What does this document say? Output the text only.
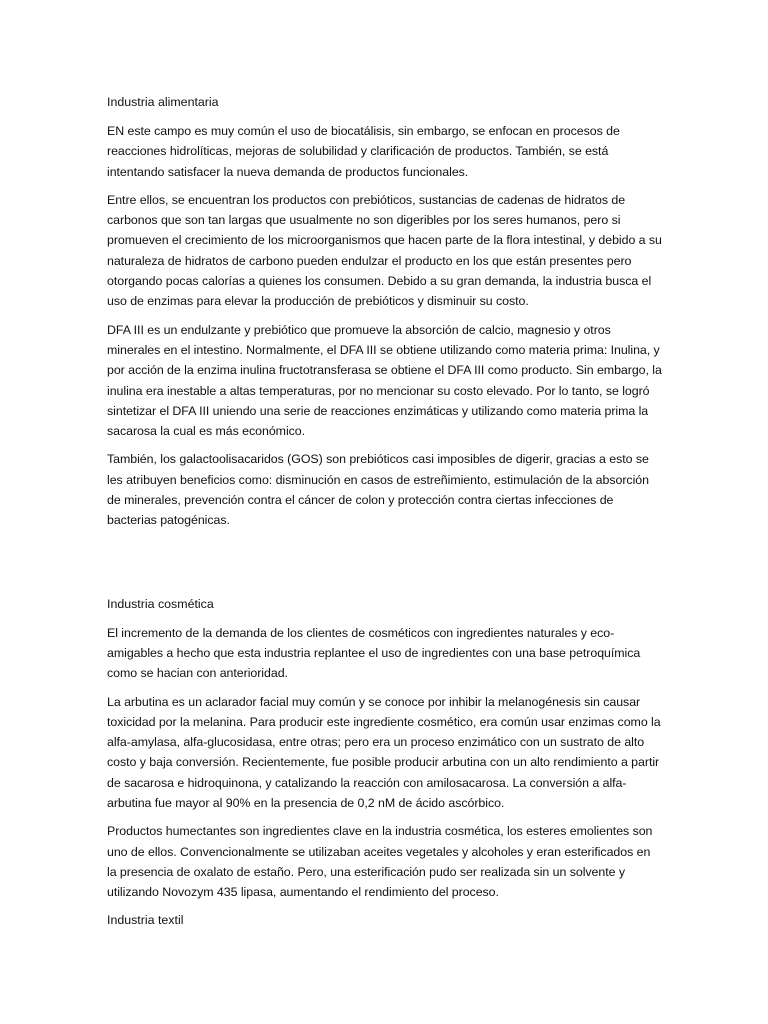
Industria alimentaria

EN este campo es muy común el uso de biocatálisis, sin embargo, se enfocan en procesos de reacciones hidrolíticas, mejoras de solubilidad y clarificación de productos. También, se está intentando satisfacer la nueva demanda de productos funcionales.

Entre ellos, se encuentran los productos con prebióticos, sustancias de cadenas de hidratos de carbonos que son tan largas que usualmente no son digeribles por los seres humanos, pero si promueven el crecimiento de los microorganismos que hacen parte de la flora intestinal, y debido a su naturaleza de hidratos de carbono pueden endulzar el producto en los que están presentes pero otorgando pocas calorías a quienes los consumen. Debido a su gran demanda, la industria busca el uso de enzimas para elevar la producción de prebióticos y disminuir su costo.

DFA III es un endulzante y prebiótico que promueve la absorción de calcio, magnesio y otros minerales en el intestino. Normalmente, el DFA III se obtiene utilizando como materia prima: Inulina, y por acción de la enzima inulina fructotransferasa se obtiene el DFA III como producto. Sin embargo, la inulina era inestable a altas temperaturas, por no mencionar su costo elevado. Por lo tanto, se logró sintetizar el DFA III uniendo una serie de reacciones enzimáticas y utilizando como materia prima la sacarosa la cual es más económico.

También, los galactoolisacaridos (GOS) son prebióticos casi imposibles de digerir, gracias a esto se les atribuyen beneficios como: disminución en casos de estreñimiento, estimulación de la absorción de minerales, prevención contra el cáncer de colon y protección contra ciertas infecciones de bacterias patogénicas.

Industria cosmética

El incremento de la demanda de los clientes de cosméticos con ingredientes naturales y eco-amigables a hecho que esta industria replantee el uso de ingredientes con una base petroquímica como se hacian con anterioridad.

La arbutina es un aclarador facial muy común y se conoce por inhibir la melanogénesis sin causar toxicidad por la melanina. Para producir este ingrediente cosmético, era común usar enzimas como la alfa-amylasa, alfa-glucosidasa, entre otras; pero era un proceso enzimático con un sustrato de alto costo y baja conversión. Recientemente, fue posible producir arbutina con un alto rendimiento a partir de sacarosa e hidroquinona, y catalizando la reacción con amilosacarosa. La conversión a alfa-arbutina fue mayor al 90% en la presencia de 0,2 nM de ácido ascórbico.

Productos humectantes son ingredientes clave en la industria cosmética, los esteres emolientes son uno de ellos. Convencionalmente se utilizaban aceites vegetales y alcoholes y eran esterificados en la presencia de oxalato de estaño. Pero, una esterificación pudo ser realizada sin un solvente y utilizando Novozym 435 lipasa, aumentando el rendimiento del proceso.

Industria textil
